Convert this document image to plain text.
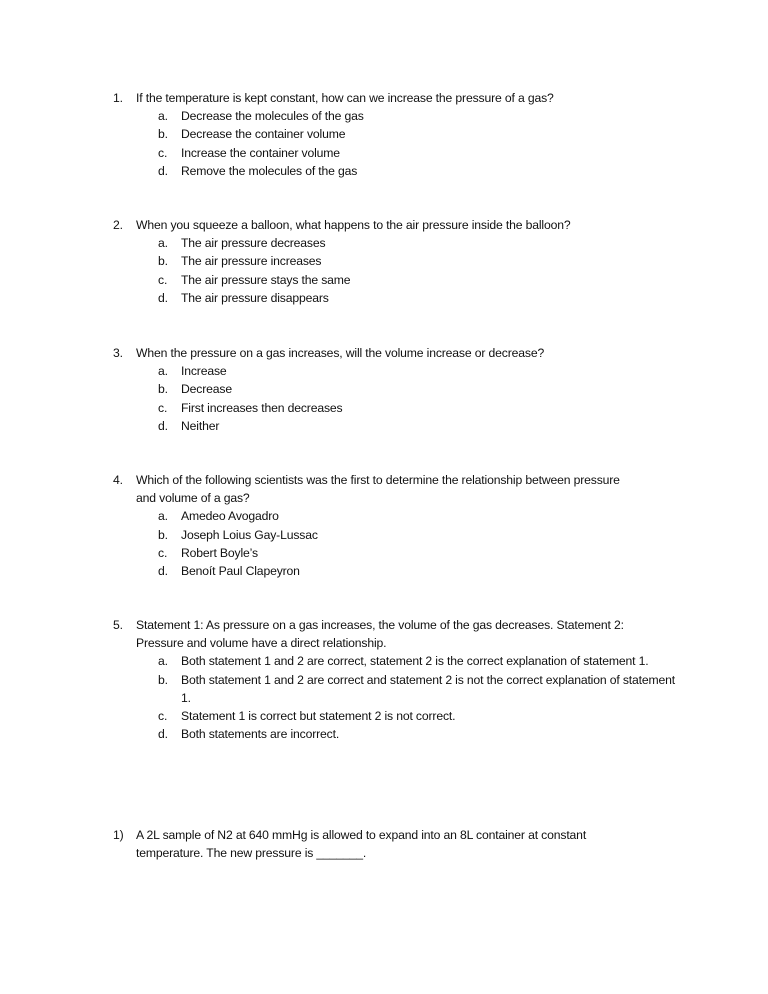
1. If the temperature is kept constant, how can we increase the pressure of a gas?
a. Decrease the molecules of the gas
b. Decrease the container volume
c. Increase the container volume
d. Remove the molecules of the gas
2. When you squeeze a balloon, what happens to the air pressure inside the balloon?
a. The air pressure decreases
b. The air pressure increases
c. The air pressure stays the same
d. The air pressure disappears
3. When the pressure on a gas increases, will the volume increase or decrease?
a. Increase
b. Decrease
c. First increases then decreases
d. Neither
4. Which of the following scientists was the first to determine the relationship between pressure
and volume of a gas?
a. Amedeo Avogadro
b. Joseph Loius Gay-Lussac
c. Robert Boyle’s
d. Benoít Paul Clapeyron
5. Statement 1: As pressure on a gas increases, the volume of the gas decreases. Statement 2:
Pressure and volume have a direct relationship.
a. Both statement 1 and 2 are correct, statement 2 is the correct explanation of statement 1.
b. Both statement 1 and 2 are correct and statement 2 is not the correct explanation of statement 1.
c. Statement 1 is correct but statement 2 is not correct.
d. Both statements are incorrect.
1) A 2L sample of N2 at 640 mmHg is allowed to expand into an 8L container at constant
temperature. The new pressure is _______.
